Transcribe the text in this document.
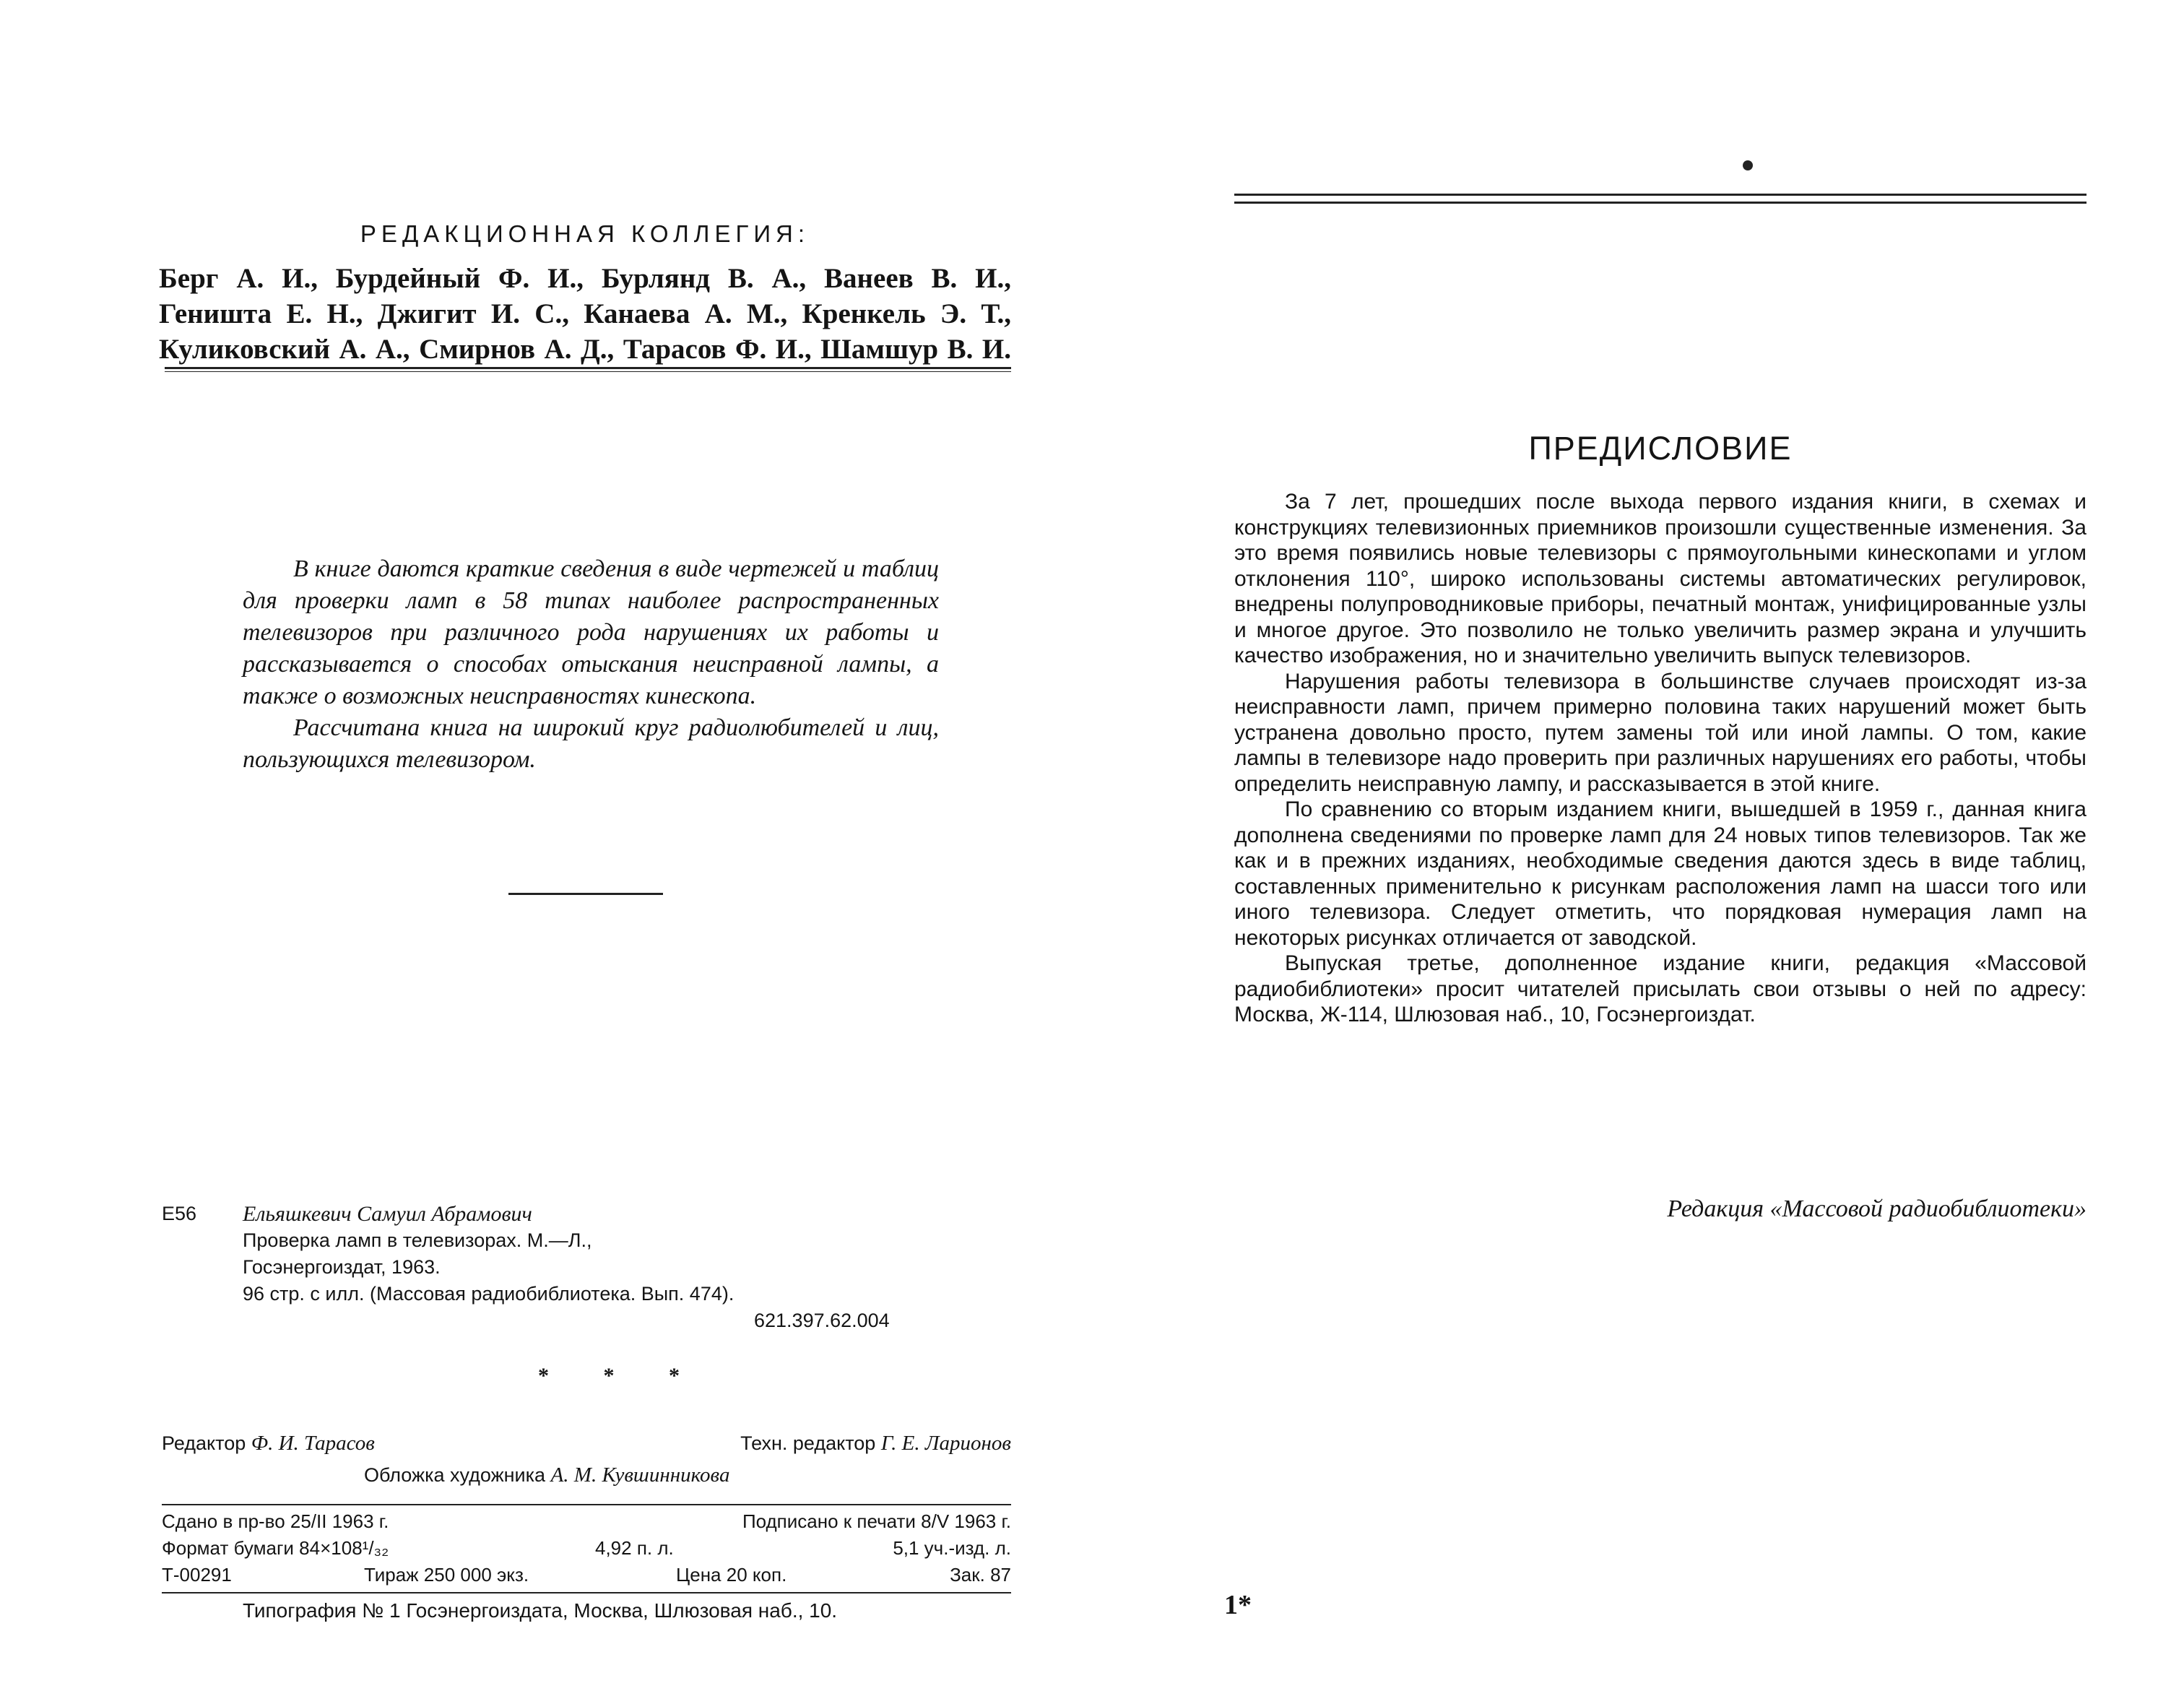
РЕДАКЦИОННАЯ КОЛЛЕГИЯ:
Берг А. И., Бурдейный Ф. И., Бурлянд В. А., Ванеев В. И.,
Геништа Е. Н., Джигит И. С., Канаева А. М., Кренкель Э. Т.,
Куликовский А. А., Смирнов А. Д., Тарасов Ф. И., Шамшур В. И.

В книге даются краткие сведения в виде чертежей и таблиц для проверки ламп в 58 типах наиболее распространенных телевизоров при различного рода нарушениях их работы и рассказывается о способах отыскания неисправной лампы, а также о возможных неисправностях кинескопа.

Рассчитана книга на широкий круг радиолюбителей и лиц, пользующихся телевизором.

Е56 Ельяшкевич Самуил Абрамович
Проверка ламп в телевизорах. М.—Л.,
Госэнергоиздат, 1963.
96 стр. с илл. (Массовая радиобиблиотека. Вып. 474).
621.397.62.004
* * *
Редактор Ф. И. Тарасов	Техн. редактор Г. Е. Ларионов
Обложка художника А. М. Кувшинникова
Сдано в пр-во 25/II 1963 г.	Подписано к печати 8/V 1963 г.
Формат бумаги 84×108¹/₃₂	4,92 п. л.	5,1 уч.-изд. л.
Т-00291	Тираж 250 000 экз.	Цена 20 коп.	Зак. 87
Типография № 1 Госэнергоиздата, Москва, Шлюзовая наб., 10.
ПРЕДИСЛОВИЕ

За 7 лет, прошедших после выхода первого издания книги, в схемах и конструкциях телевизионных приемников произошли существенные изменения. За это время появились новые телевизоры с прямоугольными кинескопами и углом отклонения 110°, широко использованы системы автоматических регулировок, внедрены полупроводниковые приборы, печатный монтаж, унифицированные узлы и многое другое. Это позволило не только увеличить размер экрана и улучшить качество изображения, но и значительно увеличить выпуск телевизоров.

Нарушения работы телевизора в большинстве случаев происходят из-за неисправности ламп, причем примерно половина таких нарушений может быть устранена довольно просто, путем замены той или иной лампы. О том, какие лампы в телевизоре надо проверить при различных нарушениях его работы, чтобы определить неисправную лампу, и рассказывается в этой книге.

По сравнению со вторым изданием книги, вышедшей в 1959 г., данная книга дополнена сведениями по проверке ламп для 24 новых типов телевизоров. Так же как и в прежних изданиях, необходимые сведения даются здесь в виде таблиц, составленных применительно к рисункам расположения ламп на шасси того или иного телевизора. Следует отметить, что порядковая нумерация ламп на некоторых рисунках отличается от заводской.

Выпуская третье, дополненное издание книги, редакция «Массовой радиобиблиотеки» просит читателей присылать свои отзывы о ней по адресу: Москва, Ж-114, Шлюзовая наб., 10, Госэнергоиздат.

Редакция «Массовой радиобиблиотеки»
1*
